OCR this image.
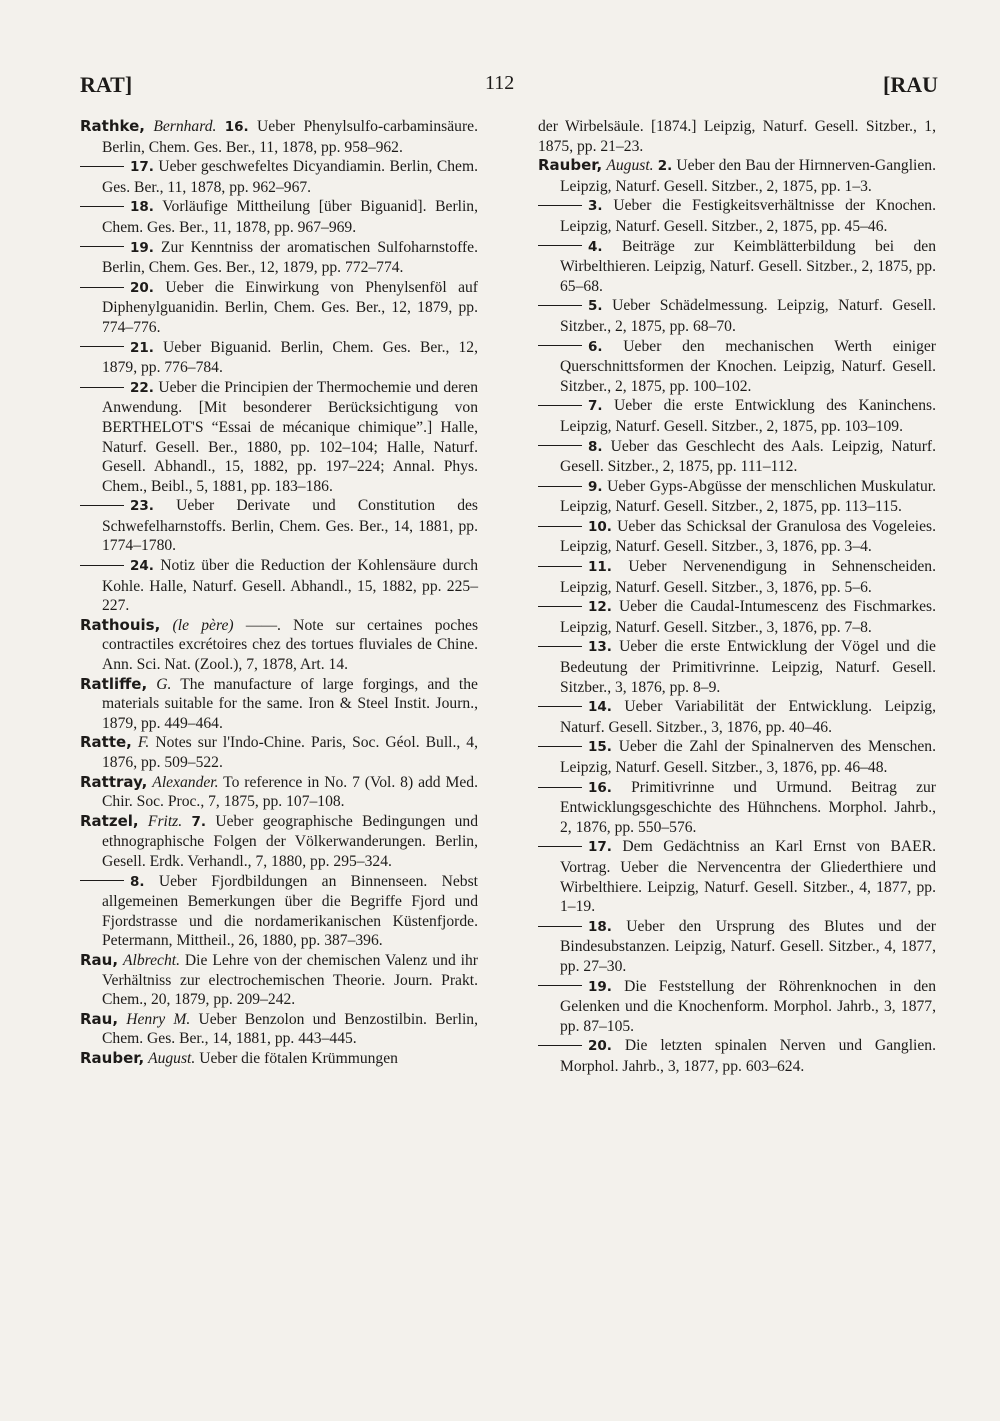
RAT]	112	[RAU

Rathke, Bernhard. 16. Ueber Phenylsulfo-carbaminsäure. Berlin, Chem. Ges. Ber., 11, 1878, pp. 958–962.

17. Ueber geschwefeltes Dicyandiamin. Berlin, Chem. Ges. Ber., 11, 1878, pp. 962–967.

18. Vorläufige Mittheilung [über Biguanid]. Berlin, Chem. Ges. Ber., 11, 1878, pp. 967–969.

19. Zur Kenntniss der aromatischen Sulfoharnstoffe. Berlin, Chem. Ges. Ber., 12, 1879, pp. 772–774.

20. Ueber die Einwirkung von Phenylsenföl auf Diphenylguanidin. Berlin, Chem. Ges. Ber., 12, 1879, pp. 774–776.

21. Ueber Biguanid. Berlin, Chem. Ges. Ber., 12, 1879, pp. 776–784.

22. Ueber die Principien der Thermochemie und deren Anwendung. [Mit besonderer Berücksichtigung von BERTHELOT'S “Essai de mécanique chimique”.] Halle, Naturf. Gesell. Ber., 1880, pp. 102–104; Halle, Naturf. Gesell. Abhandl., 15, 1882, pp. 197–224; Annal. Phys. Chem., Beibl., 5, 1881, pp. 183–186.

23. Ueber Derivate und Constitution des Schwefelharnstoffs. Berlin, Chem. Ges. Ber., 14, 1881, pp. 1774–1780.

24. Notiz über die Reduction der Kohlensäure durch Kohle. Halle, Naturf. Gesell. Abhandl., 15, 1882, pp. 225–227.

Rathouis, (le père) ——. Note sur certaines poches contractiles excrétoires chez des tortues fluviales de Chine. Ann. Sci. Nat. (Zool.), 7, 1878, Art. 14.

Ratliffe, G. The manufacture of large forgings, and the materials suitable for the same. Iron & Steel Instit. Journ., 1879, pp. 449–464.

Ratte, F. Notes sur l'Indo-Chine. Paris, Soc. Géol. Bull., 4, 1876, pp. 509–522.

Rattray, Alexander. To reference in No. 7 (Vol. 8) add Med. Chir. Soc. Proc., 7, 1875, pp. 107–108.

Ratzel, Fritz. 7. Ueber geographische Bedingungen und ethnographische Folgen der Völkerwanderungen. Berlin, Gesell. Erdk. Verhandl., 7, 1880, pp. 295–324.

8. Ueber Fjordbildungen an Binnenseen. Nebst allgemeinen Bemerkungen über die Begriffe Fjord und Fjordstrasse und die nordamerikanischen Küstenfjorde. Petermann, Mittheil., 26, 1880, pp. 387–396.

Rau, Albrecht. Die Lehre von der chemischen Valenz und ihr Verhältniss zur electrochemischen Theorie. Journ. Prakt. Chem., 20, 1879, pp. 209–242.

Rau, Henry M. Ueber Benzolon und Benzostilbin. Berlin, Chem. Ges. Ber., 14, 1881, pp. 443–445.

Rauber, August. Ueber die fötalen Krümmungen

der Wirbelsäule. [1874.] Leipzig, Naturf. Gesell. Sitzber., 1, 1875, pp. 21–23.

Rauber, August. 2. Ueber den Bau der Hirnnerven-Ganglien. Leipzig, Naturf. Gesell. Sitzber., 2, 1875, pp. 1–3.

3. Ueber die Festigkeitsverhältnisse der Knochen. Leipzig, Naturf. Gesell. Sitzber., 2, 1875, pp. 45–46.

4. Beiträge zur Keimblätterbildung bei den Wirbelthieren. Leipzig, Naturf. Gesell. Sitzber., 2, 1875, pp. 65–68.

5. Ueber Schädelmessung. Leipzig, Naturf. Gesell. Sitzber., 2, 1875, pp. 68–70.

6. Ueber den mechanischen Werth einiger Querschnittsformen der Knochen. Leipzig, Naturf. Gesell. Sitzber., 2, 1875, pp. 100–102.

7. Ueber die erste Entwicklung des Kaninchens. Leipzig, Naturf. Gesell. Sitzber., 2, 1875, pp. 103–109.

8. Ueber das Geschlecht des Aals. Leipzig, Naturf. Gesell. Sitzber., 2, 1875, pp. 111–112.

9. Ueber Gyps-Abgüsse der menschlichen Muskulatur. Leipzig, Naturf. Gesell. Sitzber., 2, 1875, pp. 113–115.

10. Ueber das Schicksal der Granulosa des Vogeleies. Leipzig, Naturf. Gesell. Sitzber., 3, 1876, pp. 3–4.

11. Ueber Nervenendigung in Sehnenscheiden. Leipzig, Naturf. Gesell. Sitzber., 3, 1876, pp. 5–6.

12. Ueber die Caudal-Intumescenz des Fischmarkes. Leipzig, Naturf. Gesell. Sitzber., 3, 1876, pp. 7–8.

13. Ueber die erste Entwicklung der Vögel und die Bedeutung der Primitivrinne. Leipzig, Naturf. Gesell. Sitzber., 3, 1876, pp. 8–9.

14. Ueber Variabilität der Entwicklung. Leipzig, Naturf. Gesell. Sitzber., 3, 1876, pp. 40–46.

15. Ueber die Zahl der Spinalnerven des Menschen. Leipzig, Naturf. Gesell. Sitzber., 3, 1876, pp. 46–48.

16. Primitivrinne und Urmund. Beitrag zur Entwicklungsgeschichte des Hühnchens. Morphol. Jahrb., 2, 1876, pp. 550–576.

17. Dem Gedächtniss an Karl Ernst von BAER. Vortrag. Ueber die Nervencentra der Gliederthiere und Wirbelthiere. Leipzig, Naturf. Gesell. Sitzber., 4, 1877, pp. 1–19.

18. Ueber den Ursprung des Blutes und der Bindesubstanzen. Leipzig, Naturf. Gesell. Sitzber., 4, 1877, pp. 27–30.

19. Die Feststellung der Röhrenknochen in den Gelenken und die Knochenform. Morphol. Jahrb., 3, 1877, pp. 87–105.

20. Die letzten spinalen Nerven und Ganglien. Morphol. Jahrb., 3, 1877, pp. 603–624.
